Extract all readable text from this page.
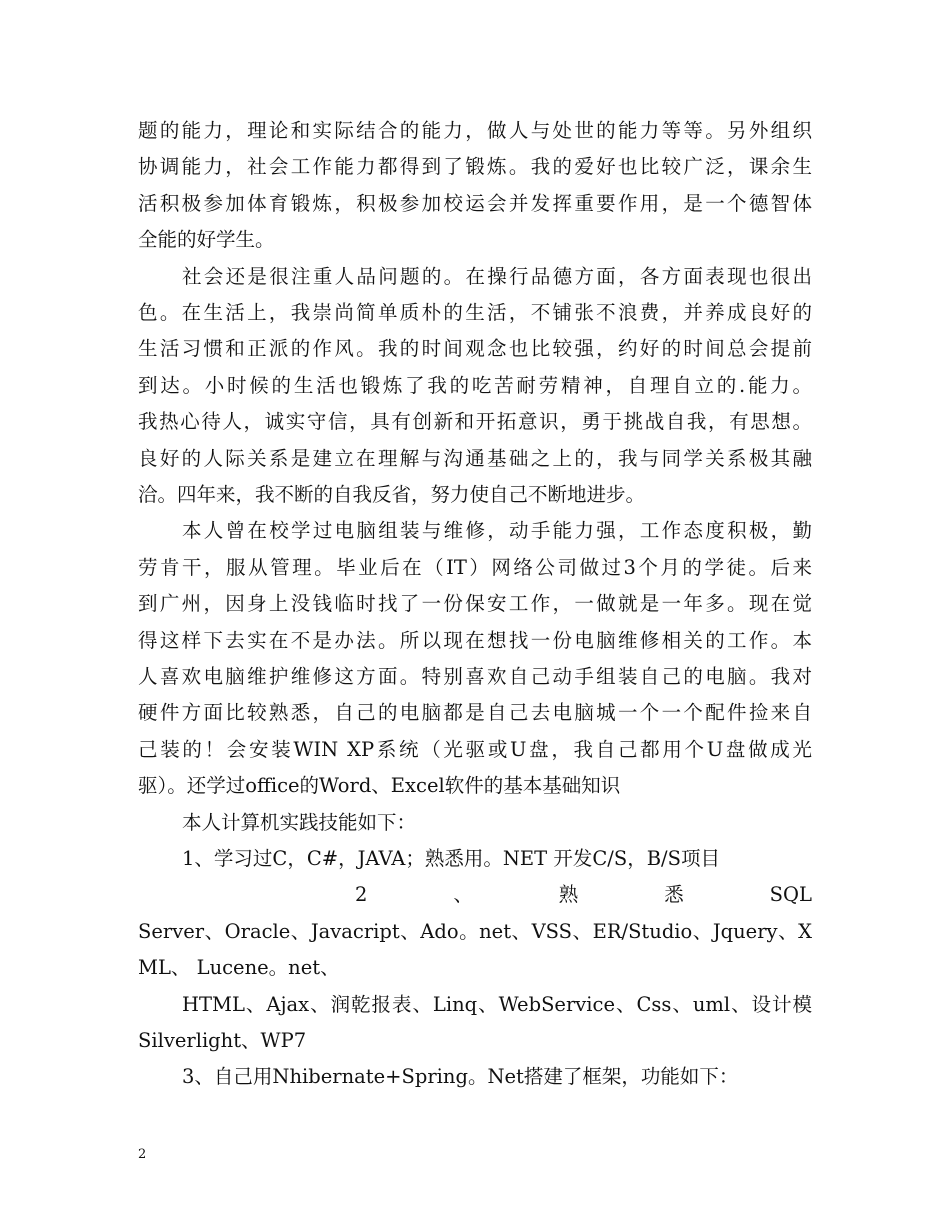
题的能力，理论和实际结合的能力，做人与处世的能力等等。另外组织
协调能力，社会工作能力都得到了锻炼。我的爱好也比较广泛，课余生
活积极参加体育锻炼，积极参加校运会并发挥重要作用，是一个德智体
全能的好学生。
社会还是很注重人品问题的。在操行品德方面，各方面表现也很出
色。在生活上，我崇尚简单质朴的生活，不铺张不浪费，并养成良好的
生活习惯和正派的作风。我的时间观念也比较强，约好的时间总会提前
到达。小时候的生活也锻炼了我的吃苦耐劳精神，自理自立的.能力。
我热心待人，诚实守信，具有创新和开拓意识，勇于挑战自我，有思想。
良好的人际关系是建立在理解与沟通基础之上的，我与同学关系极其融
洽。四年来，我不断的自我反省，努力使自己不断地进步。
本人曾在校学过电脑组装与维修，动手能力强，工作态度积极，勤
劳肯干，服从管理。毕业后在（IT）网络公司做过3个月的学徒。后来
到广州，因身上没钱临时找了一份保安工作，一做就是一年多。现在觉
得这样下去实在不是办法。所以现在想找一份电脑维修相关的工作。本
人喜欢电脑维护维修这方面。特别喜欢自己动手组装自己的电脑。我对
硬件方面比较熟悉，自己的电脑都是自己去电脑城一个一个配件捡来自
己装的！会安装WIN XP系统（光驱或U盘，我自己都用个U盘做成光
驱）。还学过office的Word、Excel软件的基本基础知识
本人计算机实践技能如下：
1、学习过C，C#，JAVA；熟悉用。NET 开发C/S，B/S项目
2	、	熟	悉	SQL
Server、Oracle、Javacript、Ado。net、VSS、ER/Studio、Jquery、X
ML、 Lucene。net、
HTML、Ajax、润乾报表、Linq、WebService、Css、uml、设计模
Silverlight、WP7
3、自己用Nhibernate+Spring。Net搭建了框架，功能如下：
2
